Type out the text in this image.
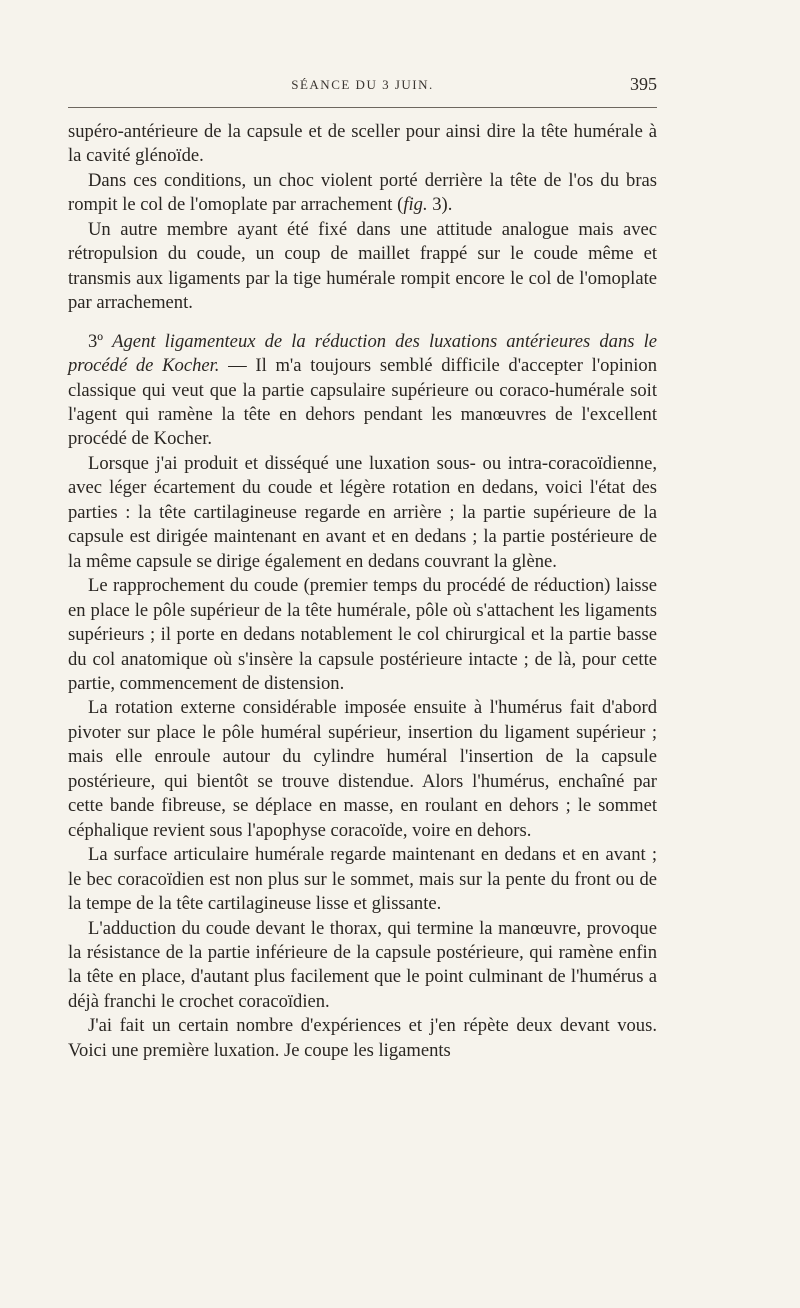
SÉANCE DU 3 JUIN.	395

supéro-antérieure de la capsule et de sceller pour ainsi dire la tête humérale à la cavité glénoïde.

Dans ces conditions, un choc violent porté derrière la tête de l'os du bras rompit le col de l'omoplate par arrachement (fig. 3).

Un autre membre ayant été fixé dans une attitude analogue mais avec rétropulsion du coude, un coup de maillet frappé sur le coude même et transmis aux ligaments par la tige humérale rompit encore le col de l'omoplate par arrachement.

3º Agent ligamenteux de la réduction des luxations antérieures dans le procédé de Kocher. — Il m'a toujours semblé difficile d'accepter l'opinion classique qui veut que la partie capsulaire supérieure ou coraco-humérale soit l'agent qui ramène la tête en dehors pendant les manœuvres de l'excellent procédé de Kocher.

Lorsque j'ai produit et disséqué une luxation sous- ou intra-coracoïdienne, avec léger écartement du coude et légère rotation en dedans, voici l'état des parties : la tête cartilagineuse regarde en arrière ; la partie supérieure de la capsule est dirigée maintenant en avant et en dedans ; la partie postérieure de la même capsule se dirige également en dedans couvrant la glène.

Le rapprochement du coude (premier temps du procédé de réduction) laisse en place le pôle supérieur de la tête humérale, pôle où s'attachent les ligaments supérieurs ; il porte en dedans notablement le col chirurgical et la partie basse du col anatomique où s'insère la capsule postérieure intacte ; de là, pour cette partie, commencement de distension.

La rotation externe considérable imposée ensuite à l'humérus fait d'abord pivoter sur place le pôle huméral supérieur, insertion du ligament supérieur ; mais elle enroule autour du cylindre huméral l'insertion de la capsule postérieure, qui bientôt se trouve distendue. Alors l'humérus, enchaîné par cette bande fibreuse, se déplace en masse, en roulant en dehors ; le sommet céphalique revient sous l'apophyse coracoïde, voire en dehors.

La surface articulaire humérale regarde maintenant en dedans et en avant ; le bec coracoïdien est non plus sur le sommet, mais sur la pente du front ou de la tempe de la tête cartilagineuse lisse et glissante.

L'adduction du coude devant le thorax, qui termine la manœuvre, provoque la résistance de la partie inférieure de la capsule postérieure, qui ramène enfin la tête en place, d'autant plus facilement que le point culminant de l'humérus a déjà franchi le crochet coracoïdien.

J'ai fait un certain nombre d'expériences et j'en répète deux devant vous. Voici une première luxation. Je coupe les ligaments
